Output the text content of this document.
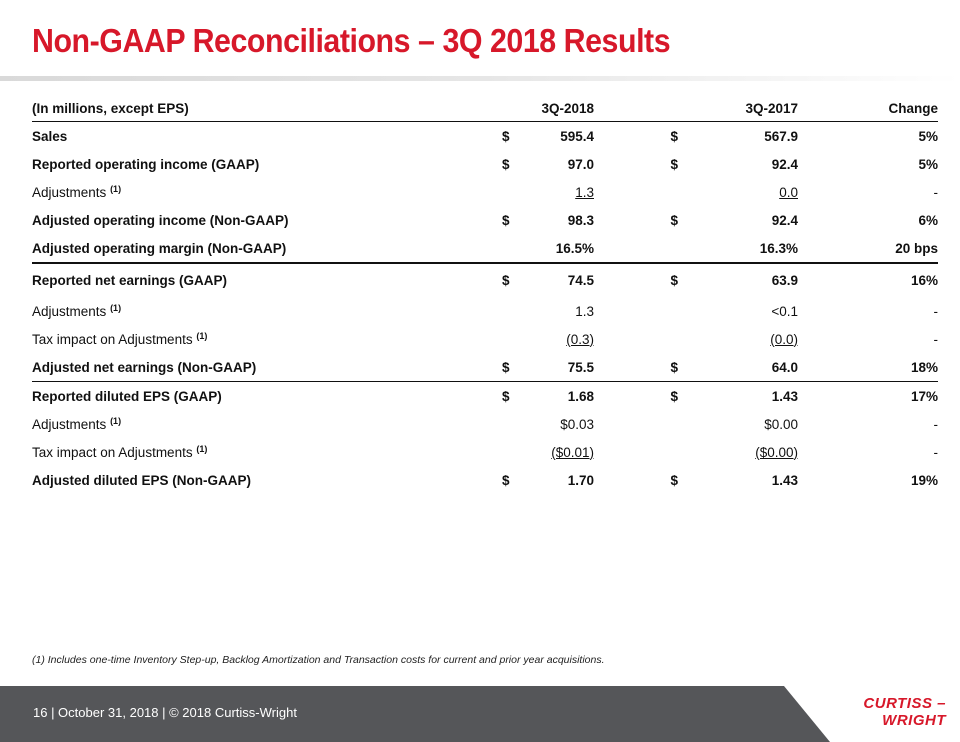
Non-GAAP Reconciliations – 3Q 2018 Results
(In millions, except EPS)		3Q-2018		3Q-2017	Change
Sales	$	595.4	$	567.9	5%
Reported operating income (GAAP)	$	97.0	$	92.4	5%
Adjustments $^{(1)}$		1.3		0.0	-
Adjusted operating income (Non-GAAP)	$	98.3	$	92.4	6%
Adjusted operating margin (Non-GAAP)		16.5%		16.3%	20 bps
Reported net earnings (GAAP)	$	74.5	$	63.9	16%
Adjustments $^{(1)}$		1.3		<0.1	-
Tax impact on Adjustments $^{(1)}$		(0.3)		(0.0)	-
Adjusted net earnings (Non-GAAP)	$	75.5	$	64.0	18%
Reported diluted EPS (GAAP)	$	1.68	$	1.43	17%
Adjustments $^{(1)}$		$0.03		$0.00	-
Tax impact on Adjustments $^{(1)}$		($0.01)		($0.00)	-
Adjusted diluted EPS (Non-GAAP)	$	1.70	$	1.43	19%
(1) Includes one-time Inventory Step-up, Backlog Amortization and Transaction costs for current and prior year acquisitions.
16 | October 31, 2018 | © 2018 Curtiss-Wright
CURTISS –
WRIGHT
